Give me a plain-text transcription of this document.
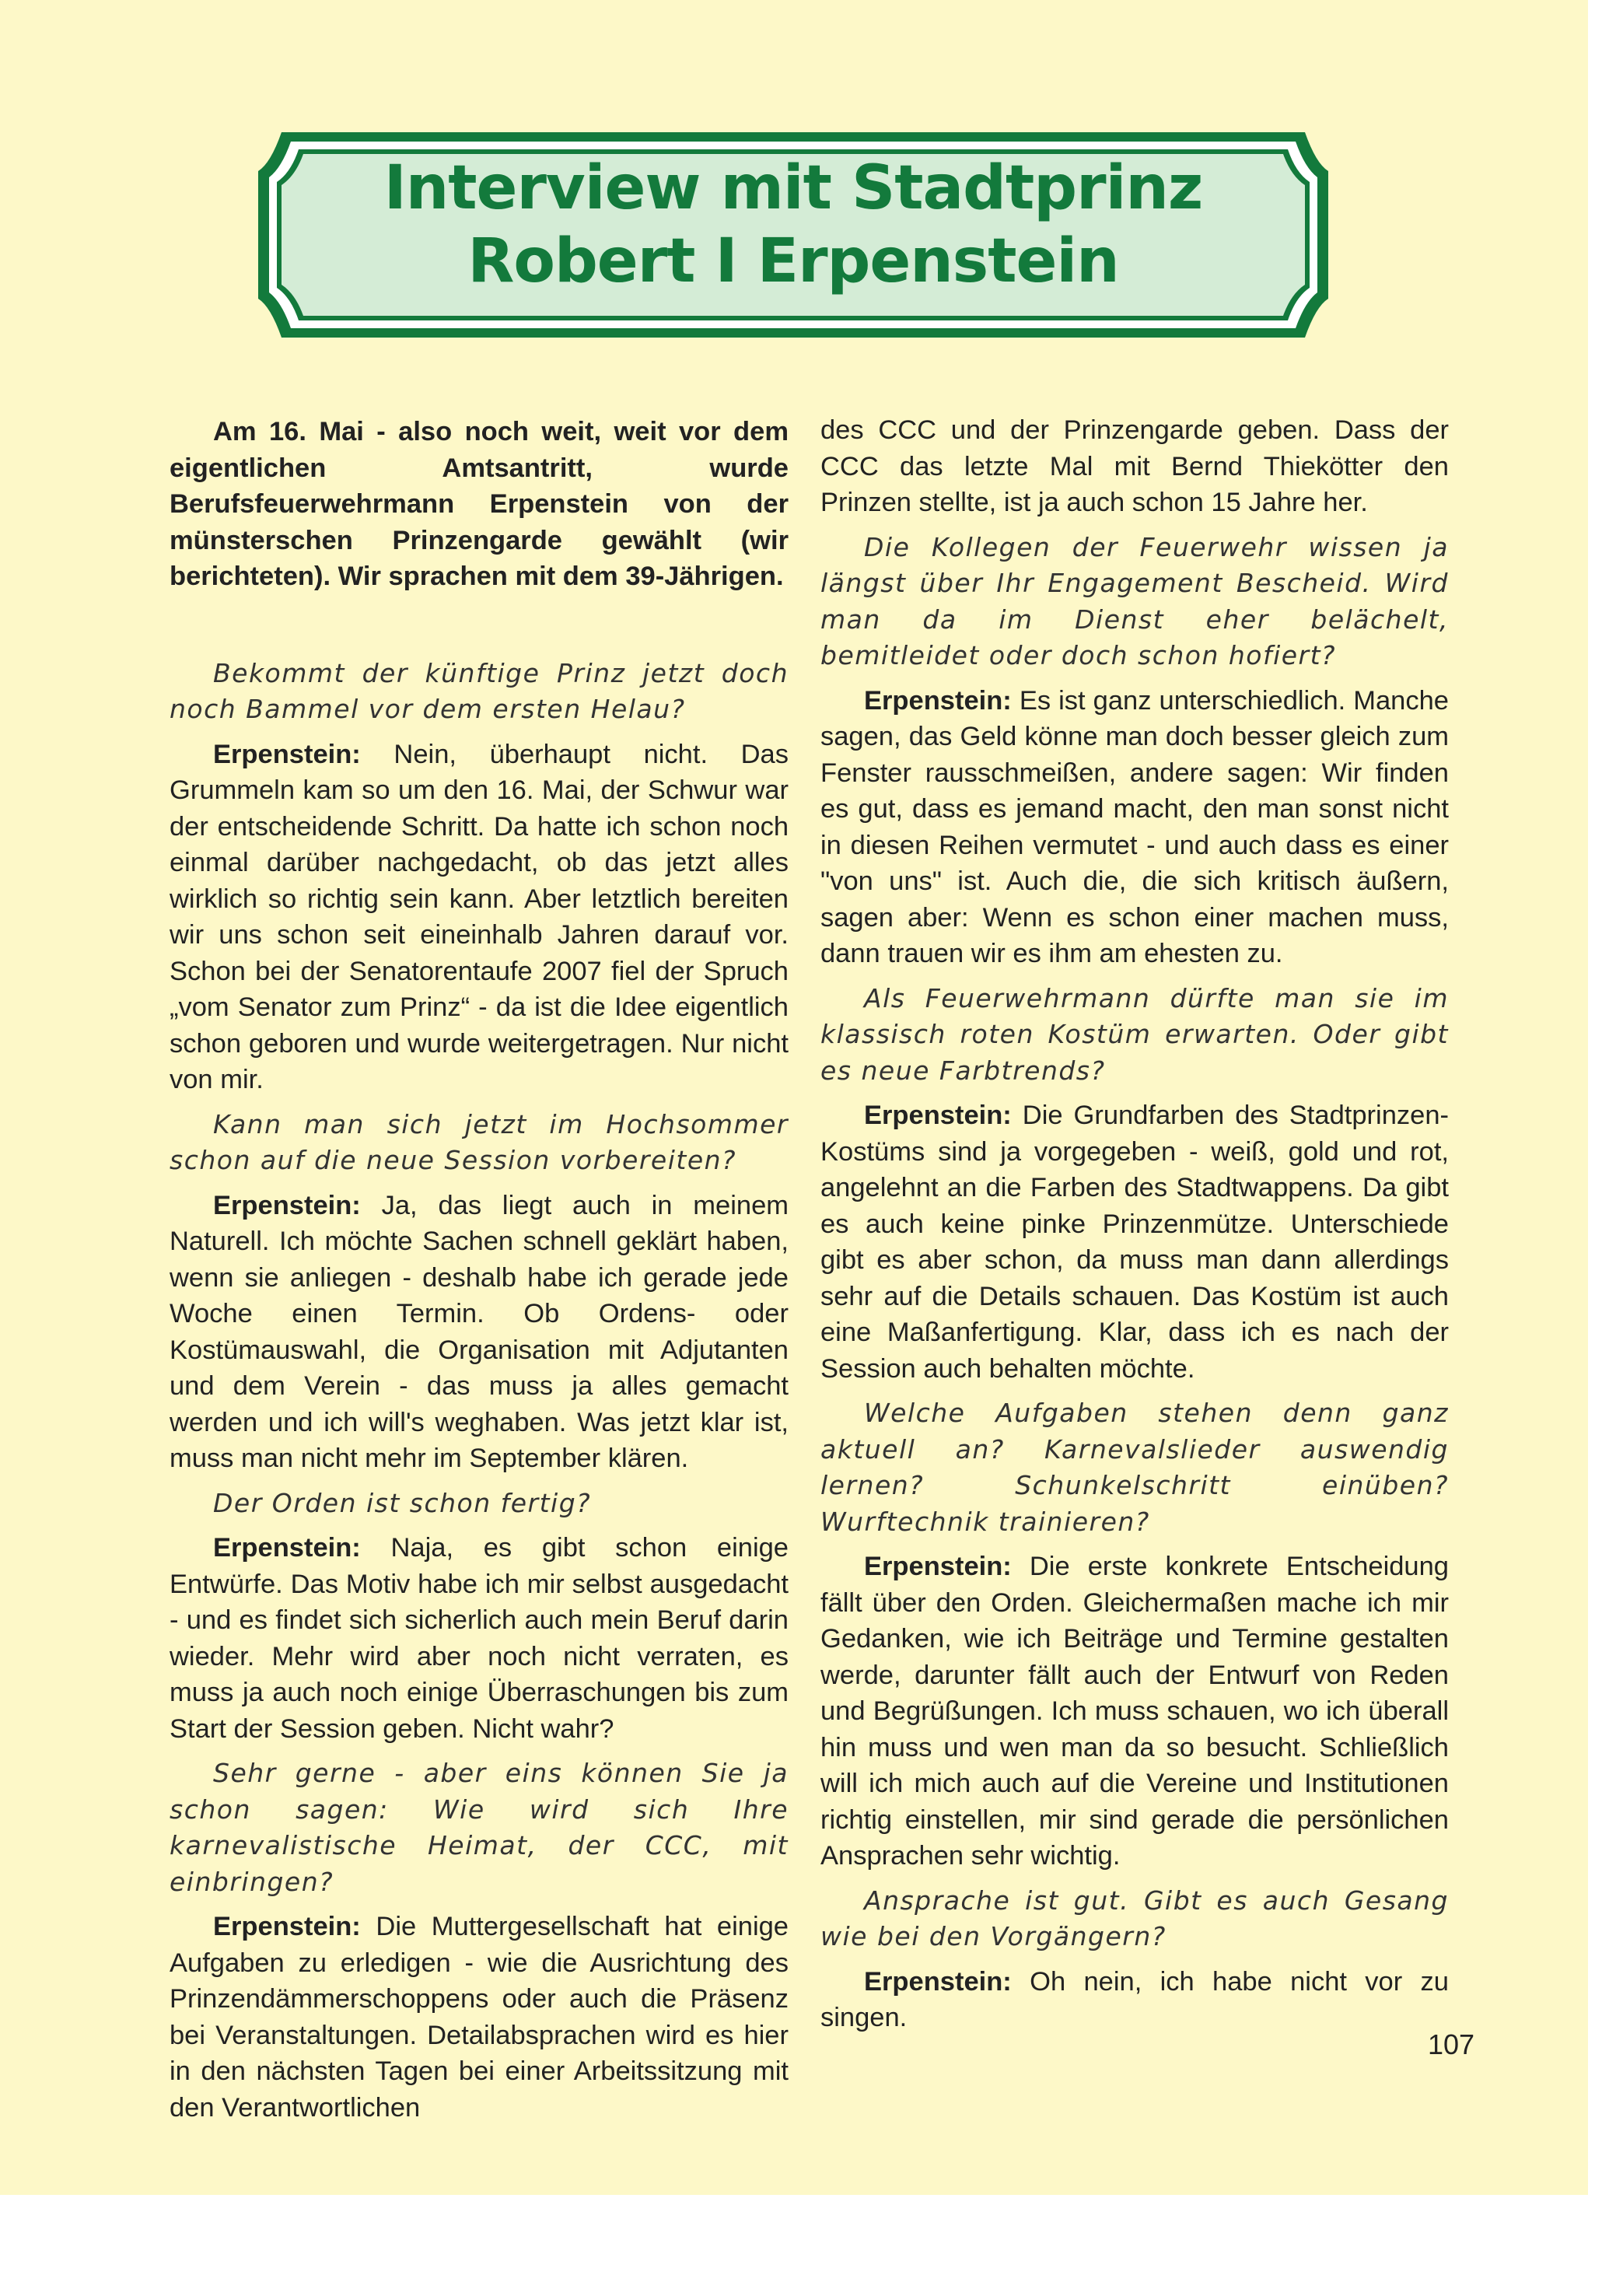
Interview mit Stadtprinz
Robert I Erpenstein

Am 16. Mai - also noch weit, weit vor dem eigentlichen Amtsantritt, wurde Berufsfeuerwehrmann Erpenstein von der münsterschen Prinzengarde gewählt (wir berichteten). Wir sprachen mit dem 39-Jährigen.

Bekommt der künftige Prinz jetzt doch noch Bammel vor dem ersten Helau?

Erpenstein: Nein, überhaupt nicht. Das Grummeln kam so um den 16. Mai, der Schwur war der entscheidende Schritt. Da hatte ich schon noch einmal darüber nachgedacht, ob das jetzt alles wirklich so richtig sein kann. Aber letztlich bereiten wir uns schon seit eineinhalb Jahren darauf vor. Schon bei der Senatorentaufe 2007 fiel der Spruch „vom Senator zum Prinz“ - da ist die Idee eigentlich schon geboren und wurde weitergetragen. Nur nicht von mir.

Kann man sich jetzt im Hochsommer schon auf die neue Session vorbereiten?

Erpenstein: Ja, das liegt auch in meinem Naturell. Ich möchte Sachen schnell geklärt haben, wenn sie anliegen - deshalb habe ich gerade jede Woche einen Termin. Ob Ordens- oder Kostümauswahl, die Organisation mit Adjutanten und dem Verein - das muss ja alles gemacht werden und ich will's weghaben. Was jetzt klar ist, muss man nicht mehr im September klären.

Der Orden ist schon fertig?

Erpenstein: Naja, es gibt schon einige Entwürfe. Das Motiv habe ich mir selbst ausgedacht - und es findet sich sicherlich auch mein Beruf darin wieder. Mehr wird aber noch nicht verraten, es muss ja auch noch einige Überraschungen bis zum Start der Session geben. Nicht wahr?

Sehr gerne - aber eins können Sie ja schon sagen: Wie wird sich Ihre karnevalistische Heimat, der CCC, mit einbringen?

Erpenstein: Die Muttergesellschaft hat einige Aufgaben zu erledigen - wie die Ausrichtung des Prinzendämmerschoppens oder auch die Präsenz bei Veranstaltungen. Detailabsprachen wird es hier in den nächsten Tagen bei einer Arbeitssitzung mit den Verantwortlichen

des CCC und der Prinzengarde geben. Dass der CCC das letzte Mal mit Bernd Thiekötter den Prinzen stellte, ist ja auch schon 15 Jahre her.

Die Kollegen der Feuerwehr wissen ja längst über Ihr Engagement Bescheid. Wird man da im Dienst eher belächelt, bemitleidet oder doch schon hofiert?

Erpenstein: Es ist ganz unterschiedlich. Manche sagen, das Geld könne man doch besser gleich zum Fenster rausschmeißen, andere sagen: Wir finden es gut, dass es jemand macht, den man sonst nicht in diesen Reihen vermutet - und auch dass es einer "von uns" ist. Auch die, die sich kritisch äußern, sagen aber: Wenn es schon einer machen muss, dann trauen wir es ihm am ehesten zu.

Als Feuerwehrmann dürfte man sie im klassisch roten Kostüm erwarten. Oder gibt es neue Farbtrends?

Erpenstein: Die Grundfarben des Stadtprinzen-Kostüms sind ja vorgegeben - weiß, gold und rot, angelehnt an die Farben des Stadtwappens. Da gibt es auch keine pinke Prinzenmütze. Unterschiede gibt es aber schon, da muss man dann allerdings sehr auf die Details schauen. Das Kostüm ist auch eine Maßanfertigung. Klar, dass ich es nach der Session auch behalten möchte.

Welche Aufgaben stehen denn ganz aktuell an? Karnevalslieder auswendig lernen? Schunkelschritt einüben? Wurftechnik trainieren?

Erpenstein: Die erste konkrete Entscheidung fällt über den Orden. Gleichermaßen mache ich mir Gedanken, wie ich Beiträge und Termine gestalten werde, darunter fällt auch der Entwurf von Reden und Begrüßungen. Ich muss schauen, wo ich überall hin muss und wen man da so besucht. Schließlich will ich mich auch auf die Vereine und Institutionen richtig einstellen, mir sind gerade die persönlichen Ansprachen sehr wichtig.

Ansprache ist gut. Gibt es auch Gesang wie bei den Vorgängern?

Erpenstein: Oh nein, ich habe nicht vor zu singen.

107
